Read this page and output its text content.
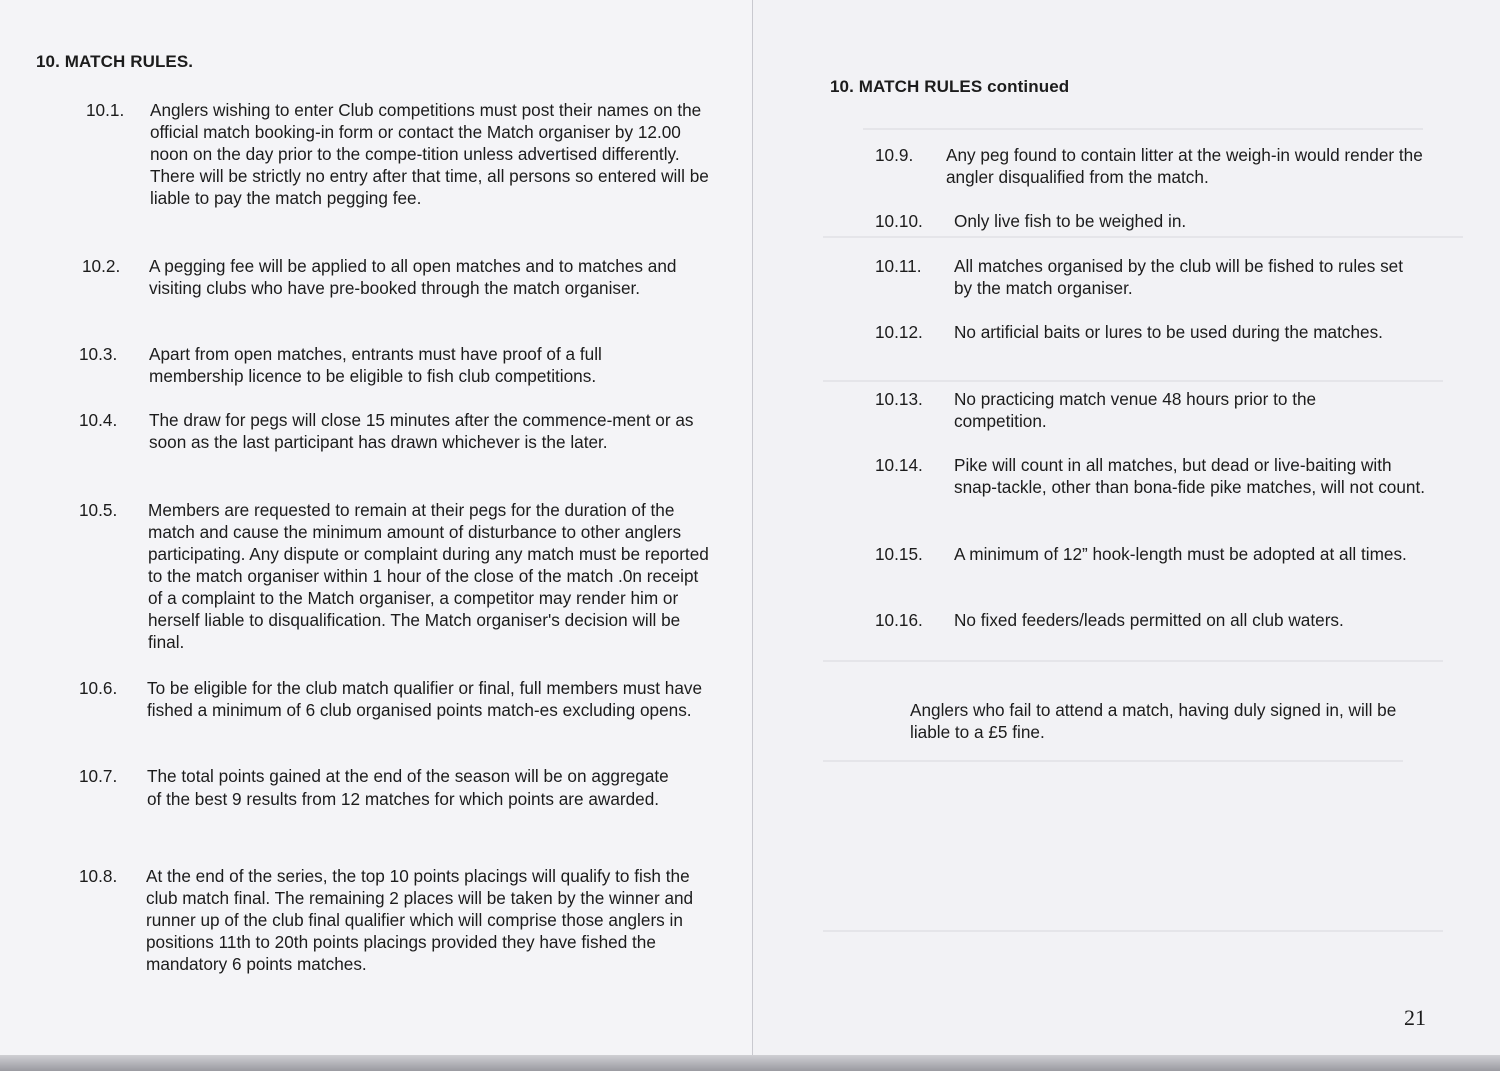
10. MATCH RULES.
10.1. Anglers wishing to enter Club competitions must post their names on the official match booking-in form or contact the Match organiser by 12.00 noon on the day prior to the compe-tition unless advertised differently. There will be strictly no entry after that time, all persons so entered will be liable to pay the match pegging fee.
10.2. A pegging fee will be applied to all open matches and to matches and visiting clubs who have pre-booked through the match organiser.
10.3. Apart from open matches, entrants must have proof of a full membership licence to be eligible to fish club competitions.
10.4. The draw for pegs will close 15 minutes after the commence-ment or as soon as the last participant has drawn whichever is the later.
10.5. Members are requested to remain at their pegs for the duration of the match and cause the minimum amount of disturbance to other anglers participating. Any dispute or complaint during any match must be reported to the match organiser within 1 hour of the close of the match .0n receipt of a complaint to the Match organiser, a competitor may render him or herself liable to disqualification. The Match organiser's decision will be final.
10.6. To be eligible for the club match qualifier or final, full members must have fished a minimum of 6 club organised points match-es excluding opens.
10.7. The total points gained at the end of the season will be on aggregate of the best 9 results from 12 matches for which points are awarded.
10.8. At the end of the series, the top 10 points placings will qualify to fish the club match final. The remaining 2 places will be taken by the winner and runner up of the club final qualifier which will comprise those anglers in positions 11th to 20th points placings provided they have fished the mandatory 6 points matches.
10. MATCH RULES continued
10.9. Any peg found to contain litter at the weigh-in would render the angler disqualified from the match.
10.10. Only live fish to be weighed in.
10.11. All matches organised by the club will be fished to rules set by the match organiser.
10.12. No artificial baits or lures to be used during the matches.
10.13. No practicing match venue 48 hours prior to the competition.
10.14. Pike will count in all matches, but dead or live-baiting with snap-tackle, other than bona-fide pike matches, will not count.
10.15. A minimum of 12” hook-length must be adopted at all times.
10.16. No fixed feeders/leads permitted on all club waters.
Anglers who fail to attend a match, having duly signed in, will be liable to a £5 fine.
21
